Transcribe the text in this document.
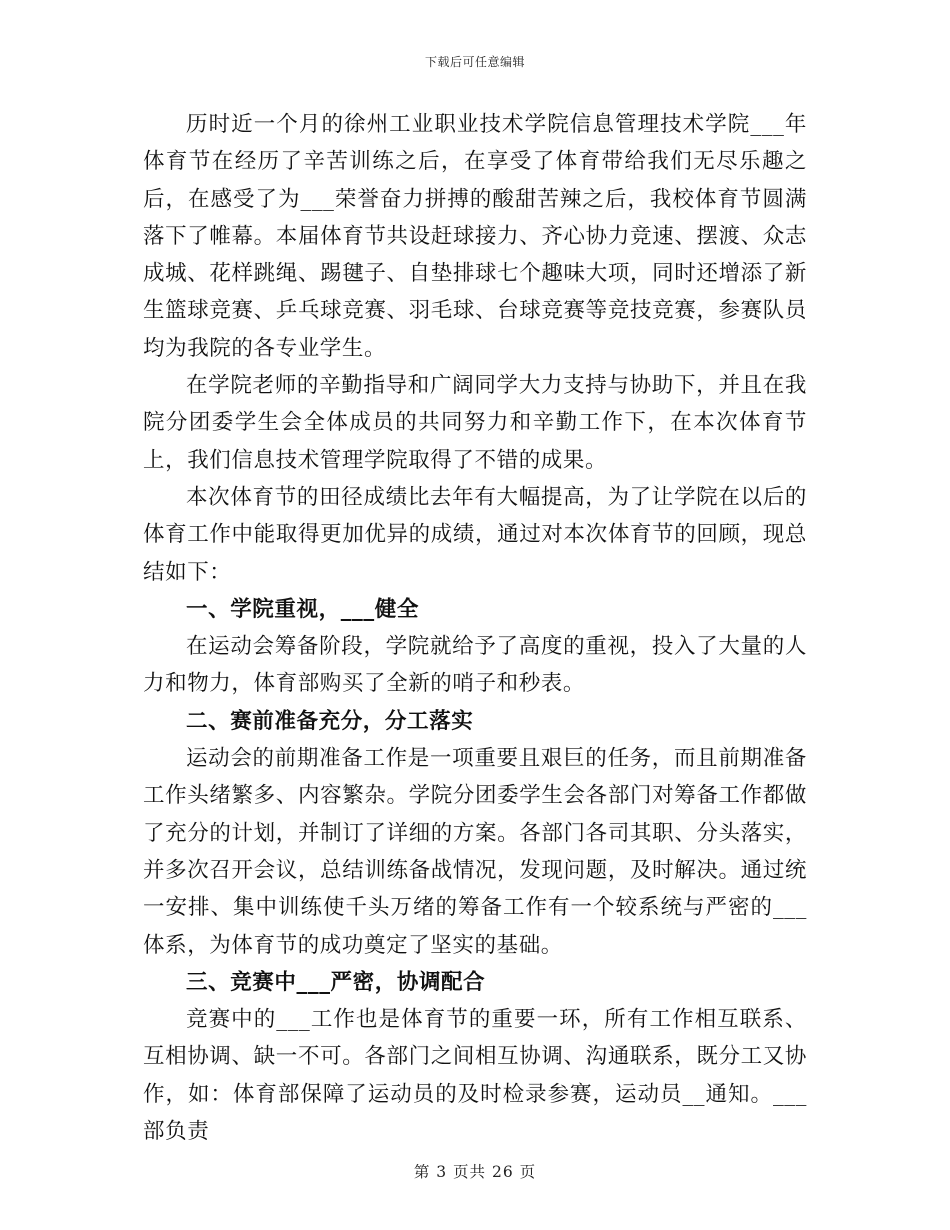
下载后可任意编辑

历时近一个月的徐州工业职业技术学院信息管理技术学院___年体育节在经历了辛苦训练之后，在享受了体育带给我们无尽乐趣之后，在感受了为___荣誉奋力拼搏的酸甜苦辣之后，我校体育节圆满落下了帷幕。本届体育节共设赶球接力、齐心协力竞速、摆渡、众志成城、花样跳绳、踢毽子、自垫排球七个趣味大项，同时还增添了新生篮球竞赛、乒乓球竞赛、羽毛球、台球竞赛等竞技竞赛，参赛队员均为我院的各专业学生。

在学院老师的辛勤指导和广阔同学大力支持与协助下，并且在我院分团委学生会全体成员的共同努力和辛勤工作下，在本次体育节上，我们信息技术管理学院取得了不错的成果。

本次体育节的田径成绩比去年有大幅提高，为了让学院在以后的体育工作中能取得更加优异的成绩，通过对本次体育节的回顾，现总结如下：

一、学院重视，___健全

在运动会筹备阶段，学院就给予了高度的重视，投入了大量的人力和物力，体育部购买了全新的哨子和秒表。

二、赛前准备充分，分工落实

运动会的前期准备工作是一项重要且艰巨的任务，而且前期准备工作头绪繁多、内容繁杂。学院分团委学生会各部门对筹备工作都做了充分的计划，并制订了详细的方案。各部门各司其职、分头落实，并多次召开会议，总结训练备战情况，发现问题，及时解决。通过统一安排、集中训练使千头万绪的筹备工作有一个较系统与严密的___体系，为体育节的成功奠定了坚实的基础。

三、竞赛中___严密，协调配合

竞赛中的___工作也是体育节的重要一环，所有工作相互联系、互相协调、缺一不可。各部门之间相互协调、沟通联系，既分工又协作，如：体育部保障了运动员的及时检录参赛，运动员__通知。___部负责

第 3 页共 26 页
